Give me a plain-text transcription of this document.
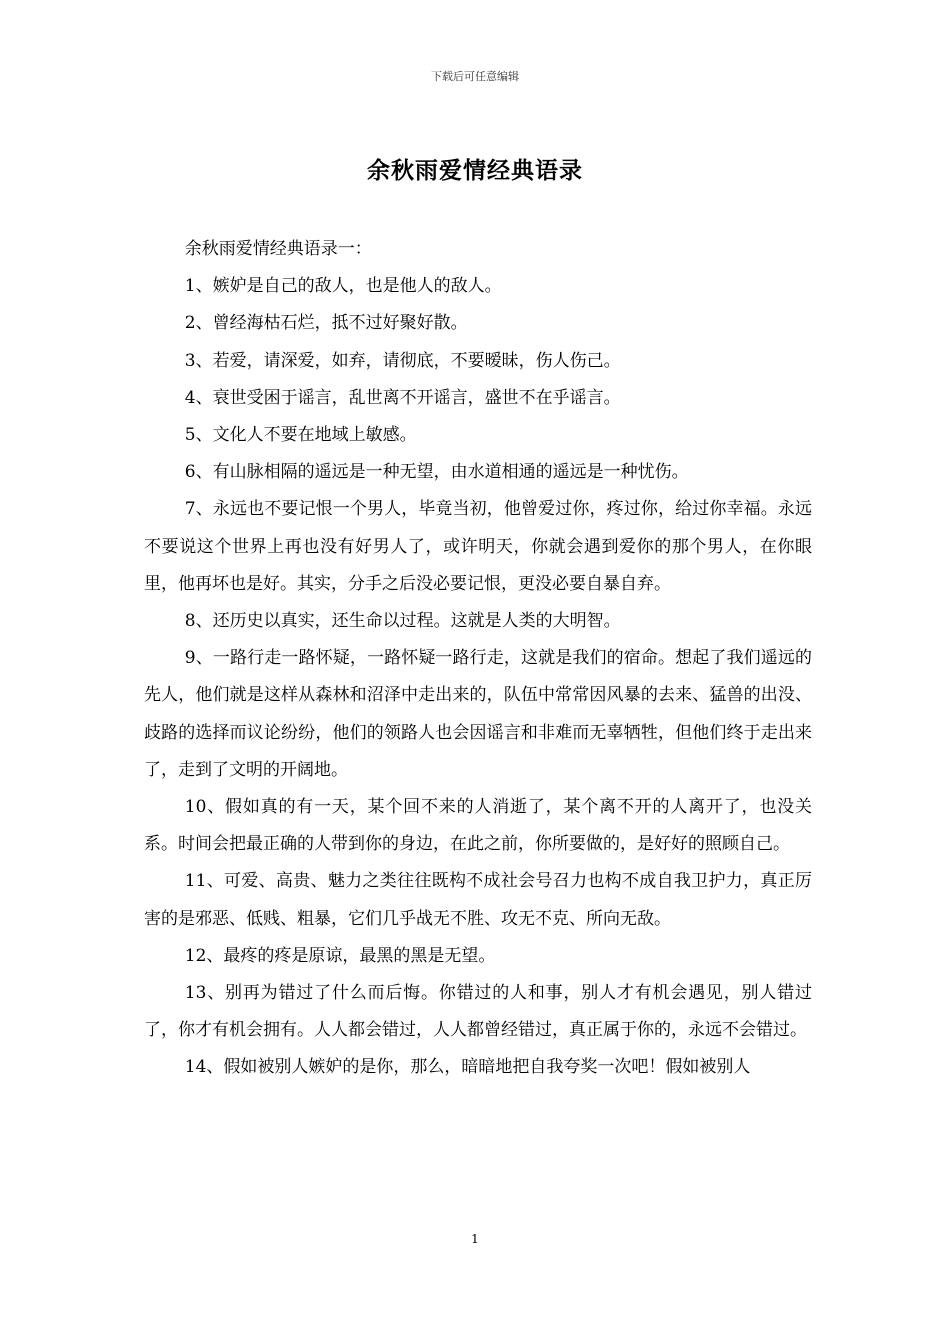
下载后可任意编辑
余秋雨爱情经典语录

余秋雨爱情经典语录一：

1、嫉妒是自己的敌人，也是他人的敌人。

2、曾经海枯石烂，抵不过好聚好散。

3、若爱，请深爱，如弃，请彻底，不要暧昧，伤人伤己。

4、衰世受困于谣言，乱世离不开谣言，盛世不在乎谣言。

5、文化人不要在地域上敏感。

6、有山脉相隔的遥远是一种无望，由水道相通的遥远是一种忧伤。

7、永远也不要记恨一个男人，毕竟当初，他曾爱过你，疼过你，给过你幸福。永远不要说这个世界上再也没有好男人了，或许明天，你就会遇到爱你的那个男人，在你眼里，他再坏也是好。其实，分手之后没必要记恨，更没必要自暴自弃。

8、还历史以真实，还生命以过程。这就是人类的大明智。

9、一路行走一路怀疑，一路怀疑一路行走，这就是我们的宿命。想起了我们遥远的先人，他们就是这样从森林和沼泽中走出来的，队伍中常常因风暴的去来、猛兽的出没、歧路的选择而议论纷纷，他们的领路人也会因谣言和非难而无辜牺牲，但他们终于走出来了，走到了文明的开阔地。

10、假如真的有一天，某个回不来的人消逝了，某个离不开的人离开了，也没关系。时间会把最正确的人带到你的身边，在此之前，你所要做的，是好好的照顾自己。

11、可爱、高贵、魅力之类往往既构不成社会号召力也构不成自我卫护力，真正厉害的是邪恶、低贱、粗暴，它们几乎战无不胜、攻无不克、所向无敌。

12、最疼的疼是原谅，最黑的黑是无望。

13、别再为错过了什么而后悔。你错过的人和事，别人才有机会遇见，别人错过了，你才有机会拥有。人人都会错过，人人都曾经错过，真正属于你的，永远不会错过。

14、假如被别人嫉妒的是你，那么，暗暗地把自我夸奖一次吧！假如被别人

1
